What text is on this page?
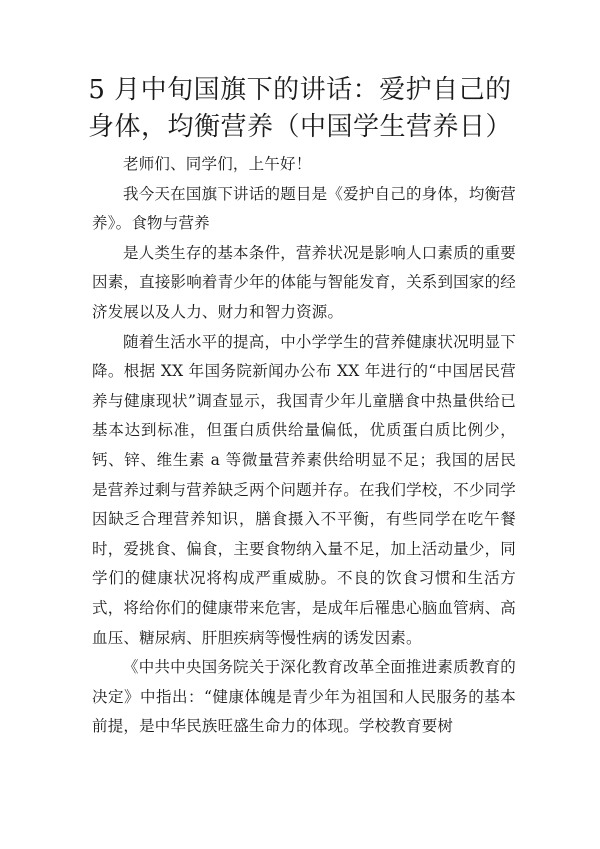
5 月中旬国旗下的讲话：爱护自己的身体，均衡营养（中国学生营养日）

老师们、同学们，上午好！

我今天在国旗下讲话的题目是《爱护自己的身体，均衡营养》。食物与营养

是人类生存的基本条件，营养状况是影响人口素质的重要因素，直接影响着青少年的体能与智能发育，关系到国家的经济发展以及人力、财力和智力资源。

随着生活水平的提高，中小学学生的营养健康状况明显下降。根据 XX 年国务院新闻办公布 XX 年进行的“中国居民营养与健康现状”调查显示，我国青少年儿童膳食中热量供给已基本达到标准，但蛋白质供给量偏低，优质蛋白质比例少，钙、锌、维生素 a 等微量营养素供给明显不足；我国的居民是营养过剩与营养缺乏两个问题并存。在我们学校，不少同学因缺乏合理营养知识，膳食摄入不平衡，有些同学在吃午餐时，爱挑食、偏食，主要食物纳入量不足，加上活动量少，同学们的健康状况将构成严重威胁。不良的饮食习惯和生活方式，将给你们的健康带来危害，是成年后罹患心脑血管病、高血压、糖尿病、肝胆疾病等慢性病的诱发因素。

《中共中央国务院关于深化教育改革全面推进素质教育的决定》中指出：“健康体魄是青少年为祖国和人民服务的基本前提，是中华民族旺盛生命力的体现。学校教育要树
